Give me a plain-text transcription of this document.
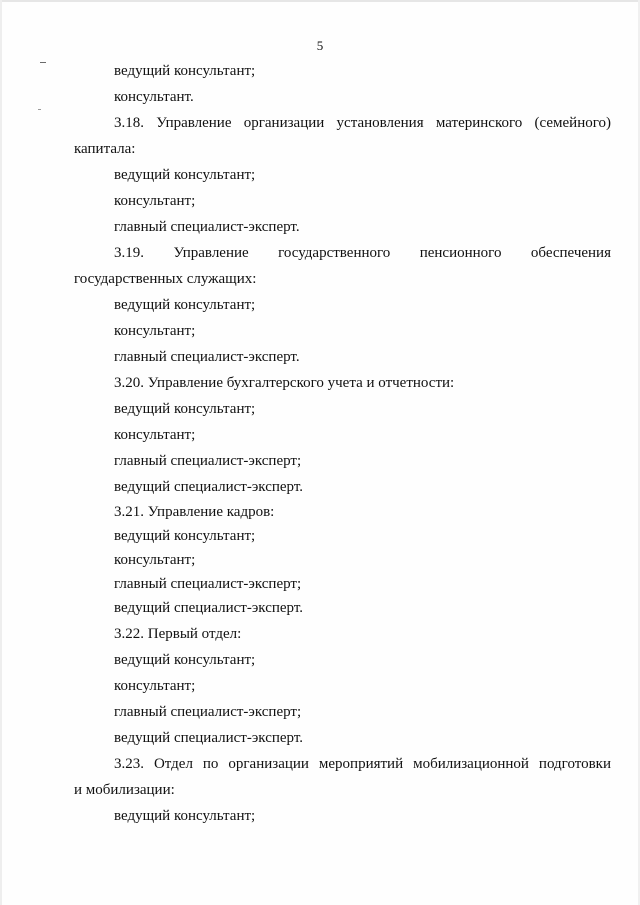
5

ведущий консультант;

консультант.

3.18. Управление организации установления материнского (семейного)

капитала:

ведущий консультант;

консультант;

главный специалист-эксперт.

3.19. Управление государственного пенсионного обеспечения

государственных служащих:

ведущий консультант;

консультант;

главный специалист-эксперт.

3.20. Управление бухгалтерского учета и отчетности:

ведущий консультант;

консультант;

главный специалист-эксперт;

ведущий специалист-эксперт.

3.21. Управление кадров:

ведущий консультант;

консультант;

главный специалист-эксперт;

ведущий специалист-эксперт.

3.22. Первый отдел:

ведущий консультант;

консультант;

главный специалист-эксперт;

ведущий специалист-эксперт.

3.23. Отдел по организации мероприятий мобилизационной подготовки

и мобилизации:

ведущий консультант;
